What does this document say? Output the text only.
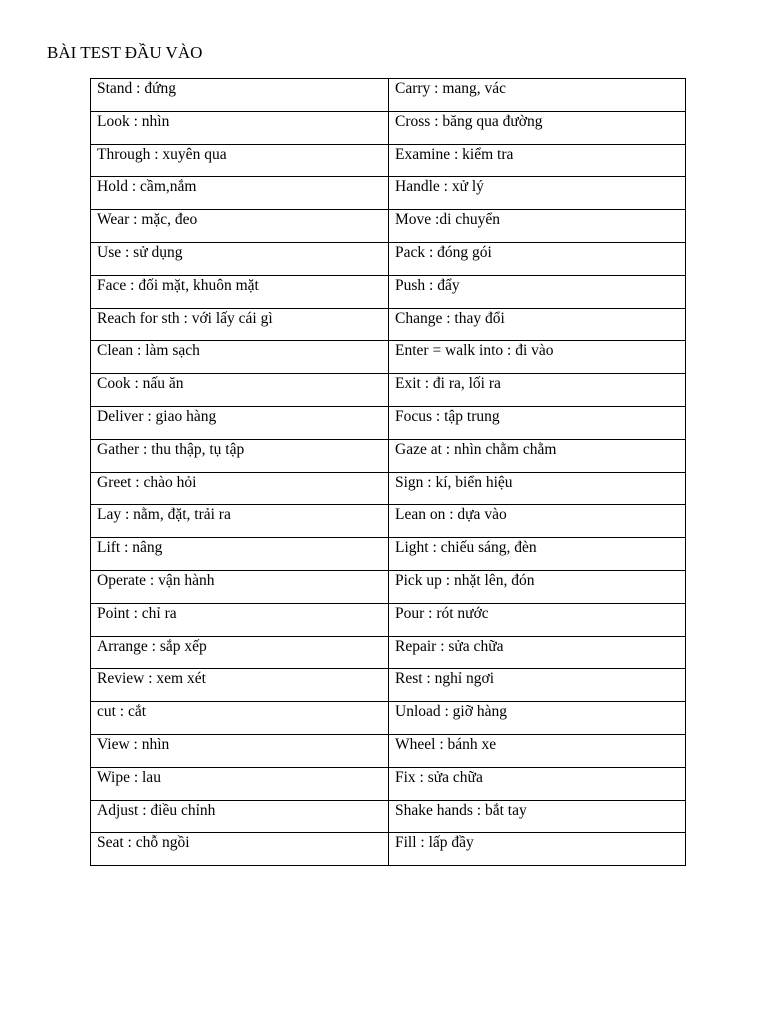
BÀI TEST ĐẦU VÀO
Stand : đứng	Carry : mang, vác
Look : nhìn	Cross : băng qua đường
Through : xuyên qua	Examine : kiểm tra
Hold : cầm,nắm	Handle : xử lý
Wear : mặc, đeo	Move :di chuyển
Use : sử dụng	Pack : đóng gói
Face : đối mặt, khuôn mặt	Push : đẩy
Reach for sth : với lấy cái gì	Change : thay đổi
Clean : làm sạch	Enter = walk into : đi vào
Cook : nấu ăn	Exit : đi ra, lối ra
Deliver : giao hàng	Focus : tập trung
Gather : thu thập, tụ tập	Gaze at : nhìn chằm chằm
Greet : chào hỏi	Sign : kí, biển hiệu
Lay : nằm, đặt, trải ra	Lean on : dựa vào
Lift : nâng	Light : chiếu sáng, đèn
Operate : vận hành	Pick up : nhặt lên, đón
Point : chỉ ra	Pour : rót nước
Arrange : sắp xếp	Repair : sửa chữa
Review : xem xét	Rest : nghỉ ngơi
cut : cắt	Unload : giỡ hàng
View : nhìn	Wheel : bánh xe
Wipe : lau	Fix : sửa chữa
Adjust : điều chỉnh	Shake hands : bắt tay
Seat : chỗ ngồi	Fill : lấp đầy
